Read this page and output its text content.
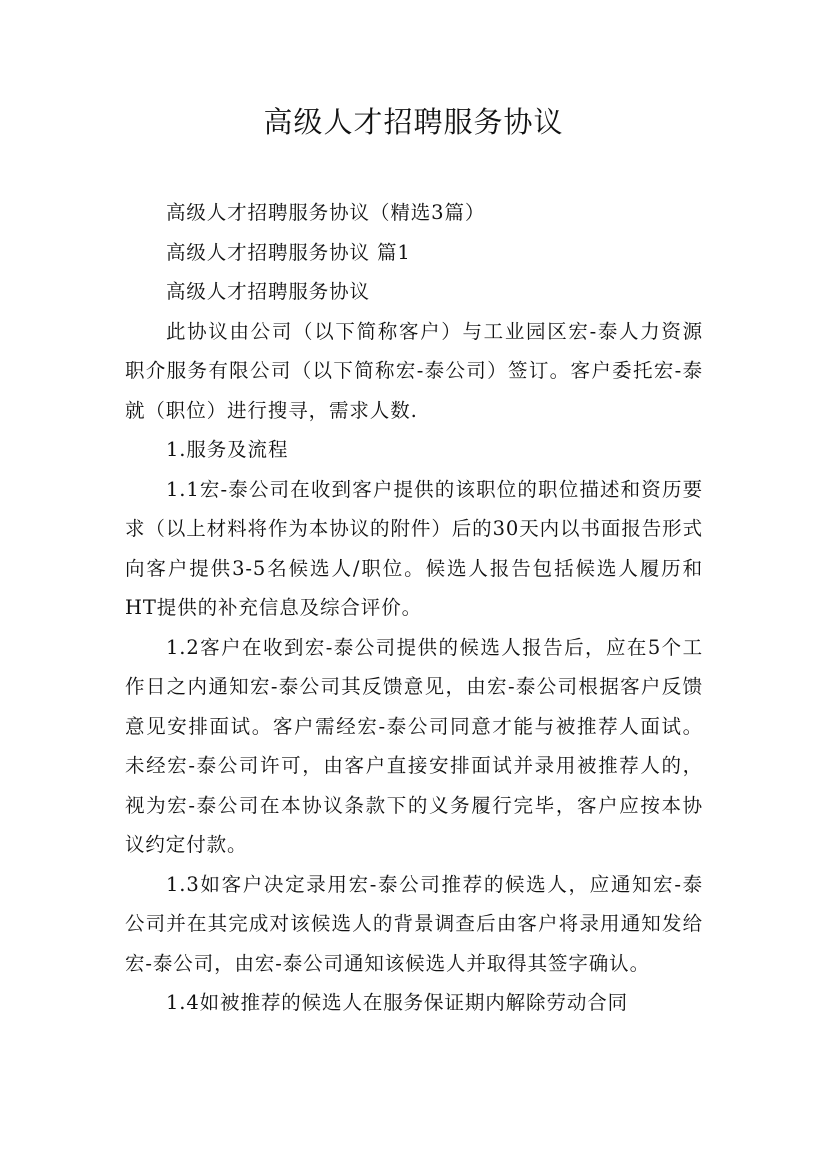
高级人才招聘服务协议

高级人才招聘服务协议（精选3篇）

高级人才招聘服务协议 篇1

高级人才招聘服务协议

此协议由公司（以下简称客户）与工业园区宏-泰人力资源职介服务有限公司（以下简称宏-泰公司）签订。客户委托宏-泰就（职位）进行搜寻，需求人数.

1.服务及流程

1.1宏-泰公司在收到客户提供的该职位的职位描述和资历要求（以上材料将作为本协议的附件）后的30天内以书面报告形式向客户提供3-5名候选人/职位。候选人报告包括候选人履历和HT提供的补充信息及综合评价。

1.2客户在收到宏-泰公司提供的候选人报告后，应在5个工作日之内通知宏-泰公司其反馈意见，由宏-泰公司根据客户反馈意见安排面试。客户需经宏-泰公司同意才能与被推荐人面试。未经宏-泰公司许可，由客户直接安排面试并录用被推荐人的，视为宏-泰公司在本协议条款下的义务履行完毕，客户应按本协议约定付款。

1.3如客户决定录用宏-泰公司推荐的候选人，应通知宏-泰公司并在其完成对该候选人的背景调查后由客户将录用通知发给宏-泰公司，由宏-泰公司通知该候选人并取得其签字确认。

1.4如被推荐的候选人在服务保证期内解除劳动合同
